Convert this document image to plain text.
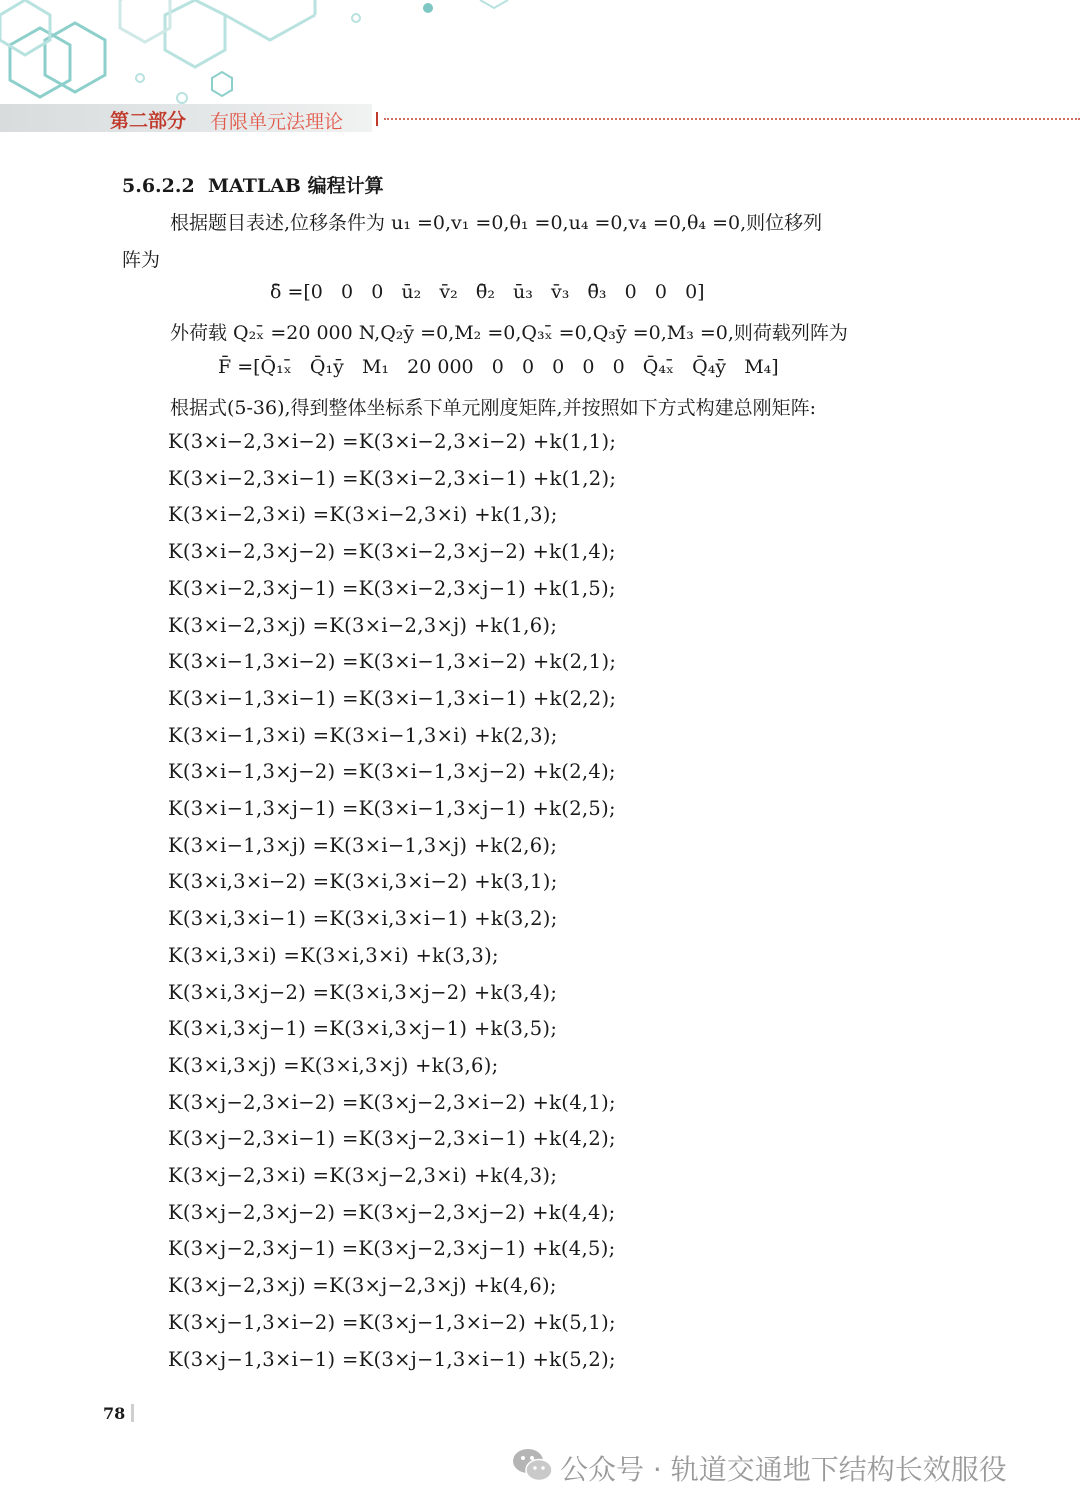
第二部分 有限单元法理论
5.6.2.2  MATLAB 编程计算
根据题目表述,位移条件为 u₁ =0,v₁ =0,θ₁ =0,u₄ =0,v₄ =0,θ₄ =0,则位移列
阵为
δ̄ =[0   0   0   ū₂   v̄₂   θ̄₂   ū₃   v̄₃   θ̄₃   0   0   0]
外荷载 Q₂ₓ̄ =20 000 N,Q₂ȳ =0,M₂ =0,Q₃ₓ̄ =0,Q₃ȳ =0,M₃ =0,则荷载列阵为
F̄ =[Q̄₁ₓ̄   Q̄₁ȳ   M₁   20 000   0   0   0   0   0   Q̄₄ₓ̄   Q̄₄ȳ   M₄]
根据式(5-36),得到整体坐标系下单元刚度矩阵,并按照如下方式构建总刚矩阵:
K(3×i−2,3×i−2) =K(3×i−2,3×i−2) +k(1,1);
K(3×i−2,3×i−1) =K(3×i−2,3×i−1) +k(1,2);
K(3×i−2,3×i) =K(3×i−2,3×i) +k(1,3);
K(3×i−2,3×j−2) =K(3×i−2,3×j−2) +k(1,4);
K(3×i−2,3×j−1) =K(3×i−2,3×j−1) +k(1,5);
K(3×i−2,3×j) =K(3×i−2,3×j) +k(1,6);
K(3×i−1,3×i−2) =K(3×i−1,3×i−2) +k(2,1);
K(3×i−1,3×i−1) =K(3×i−1,3×i−1) +k(2,2);
K(3×i−1,3×i) =K(3×i−1,3×i) +k(2,3);
K(3×i−1,3×j−2) =K(3×i−1,3×j−2) +k(2,4);
K(3×i−1,3×j−1) =K(3×i−1,3×j−1) +k(2,5);
K(3×i−1,3×j) =K(3×i−1,3×j) +k(2,6);
K(3×i,3×i−2) =K(3×i,3×i−2) +k(3,1);
K(3×i,3×i−1) =K(3×i,3×i−1) +k(3,2);
K(3×i,3×i) =K(3×i,3×i) +k(3,3);
K(3×i,3×j−2) =K(3×i,3×j−2) +k(3,4);
K(3×i,3×j−1) =K(3×i,3×j−1) +k(3,5);
K(3×i,3×j) =K(3×i,3×j) +k(3,6);
K(3×j−2,3×i−2) =K(3×j−2,3×i−2) +k(4,1);
K(3×j−2,3×i−1) =K(3×j−2,3×i−1) +k(4,2);
K(3×j−2,3×i) =K(3×j−2,3×i) +k(4,3);
K(3×j−2,3×j−2) =K(3×j−2,3×j−2) +k(4,4);
K(3×j−2,3×j−1) =K(3×j−2,3×j−1) +k(4,5);
K(3×j−2,3×j) =K(3×j−2,3×j) +k(4,6);
K(3×j−1,3×i−2) =K(3×j−1,3×i−2) +k(5,1);
K(3×j−1,3×i−1) =K(3×j−1,3×i−1) +k(5,2);
78
公众号 · 轨道交通地下结构长效服役
